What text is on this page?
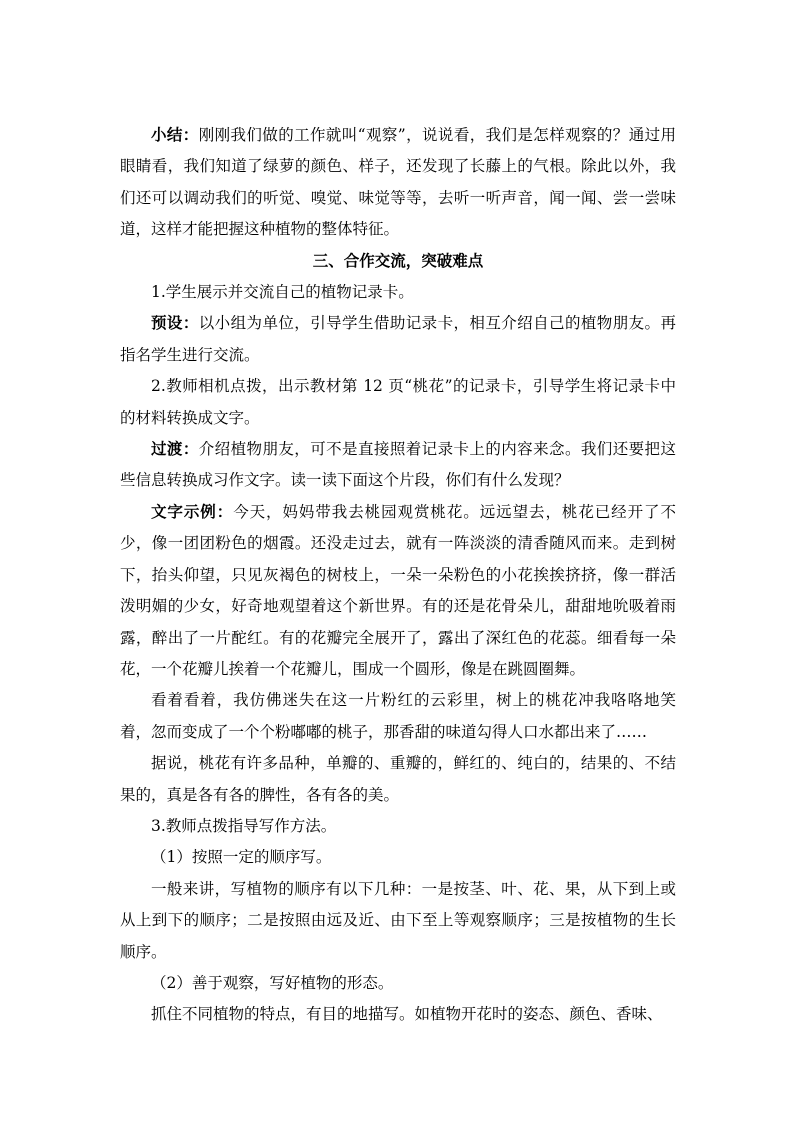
小结：刚刚我们做的工作就叫“观察”，说说看，我们是怎样观察的？通过用眼睛看，我们知道了绿萝的颜色、样子，还发现了长藤上的气根。除此以外，我们还可以调动我们的听觉、嗅觉、味觉等等，去听一听声音，闻一闻、尝一尝味道，这样才能把握这种植物的整体特征。

三、合作交流，突破难点

1.学生展示并交流自己的植物记录卡。

预设：以小组为单位，引导学生借助记录卡，相互介绍自己的植物朋友。再指名学生进行交流。

2.教师相机点拨，出示教材第 12 页“桃花”的记录卡，引导学生将记录卡中的材料转换成文字。

过渡：介绍植物朋友，可不是直接照着记录卡上的内容来念。我们还要把这些信息转换成习作文字。读一读下面这个片段，你们有什么发现？

文字示例：今天，妈妈带我去桃园观赏桃花。远远望去，桃花已经开了不少，像一团团粉色的烟霞。还没走过去，就有一阵淡淡的清香随风而来。走到树下，抬头仰望，只见灰褐色的树枝上，一朵一朵粉色的小花挨挨挤挤，像一群活泼明媚的少女，好奇地观望着这个新世界。有的还是花骨朵儿，甜甜地吮吸着雨露，醉出了一片酡红。有的花瓣完全展开了，露出了深红色的花蕊。细看每一朵花，一个花瓣儿挨着一个花瓣儿，围成一个圆形，像是在跳圆圈舞。

看着看着，我仿佛迷失在这一片粉红的云彩里，树上的桃花冲我咯咯地笑着，忽而变成了一个个粉嘟嘟的桃子，那香甜的味道勾得人口水都出来了……

据说，桃花有许多品种，单瓣的、重瓣的，鲜红的、纯白的，结果的、不结果的，真是各有各的脾性，各有各的美。

3.教师点拨指导写作方法。

（1）按照一定的顺序写。

一般来讲，写植物的顺序有以下几种：一是按茎、叶、花、果，从下到上或从上到下的顺序；二是按照由远及近、由下至上等观察顺序；三是按植物的生长顺序。

（2）善于观察，写好植物的形态。

抓住不同植物的特点，有目的地描写。如植物开花时的姿态、颜色、香味、
